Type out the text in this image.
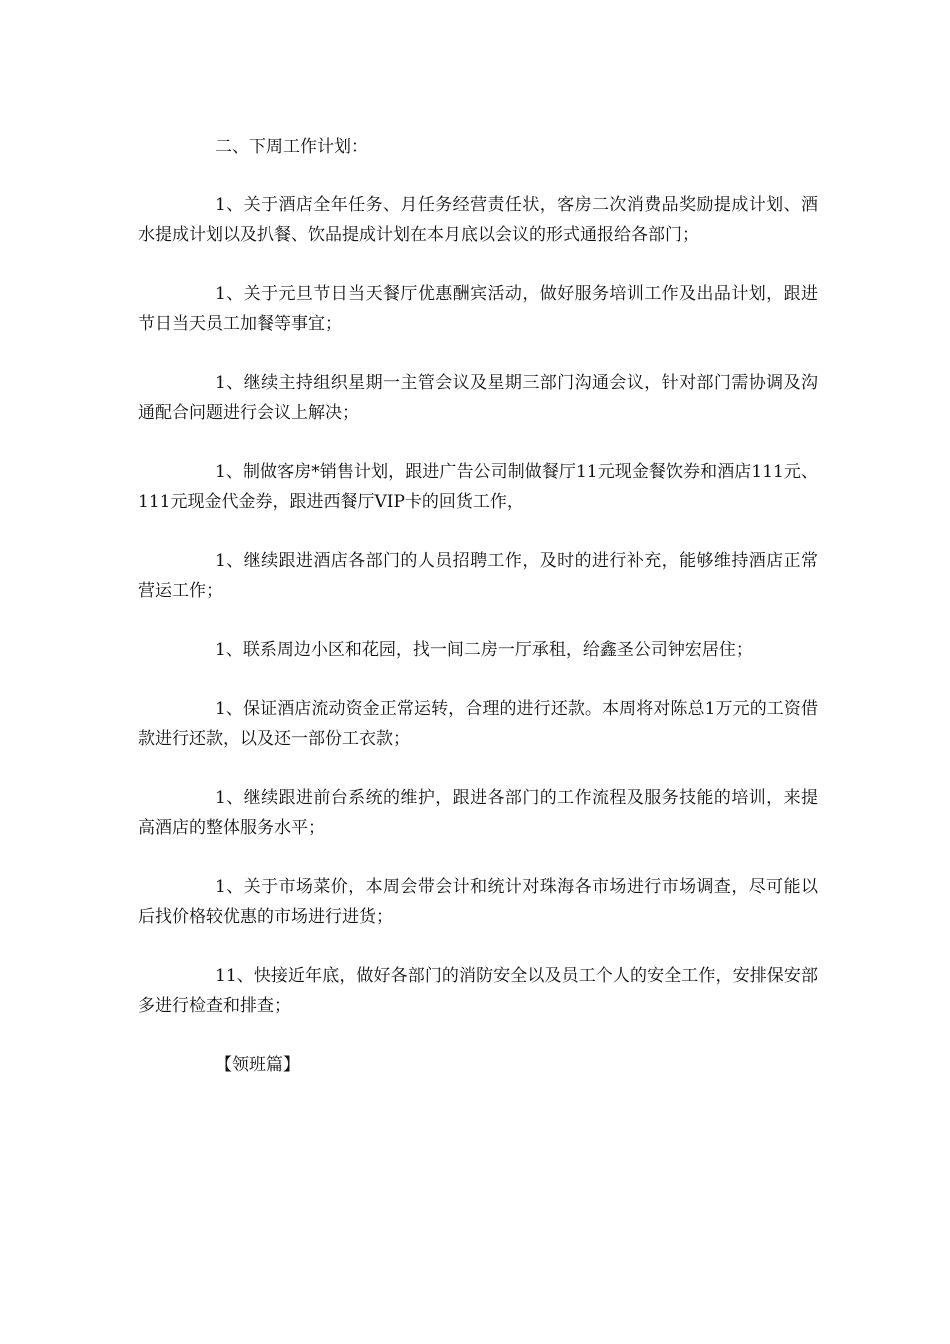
二、下周工作计划：

1、关于酒店全年任务、月任务经营责任状，客房二次消费品奖励提成计划、酒水提成计划以及扒餐、饮品提成计划在本月底以会议的形式通报给各部门；

1、关于元旦节日当天餐厅优惠酬宾活动，做好服务培训工作及出品计划，跟进节日当天员工加餐等事宜；

1、继续主持组织星期一主管会议及星期三部门沟通会议，针对部门需协调及沟通配合问题进行会议上解决；

1、制做客房*销售计划，跟进广告公司制做餐厅11元现金餐饮券和酒店111元、111元现金代金券，跟进西餐厅VIP卡的回货工作，

1、继续跟进酒店各部门的人员招聘工作，及时的进行补充，能够维持酒店正常营运工作；

1、联系周边小区和花园，找一间二房一厅承租，给鑫圣公司钟宏居住；

1、保证酒店流动资金正常运转，合理的进行还款。本周将对陈总1万元的工资借款进行还款，以及还一部份工衣款；

1、继续跟进前台系统的维护，跟进各部门的工作流程及服务技能的培训，来提高酒店的整体服务水平；

1、关于市场菜价，本周会带会计和统计对珠海各市场进行市场调查，尽可能以后找价格较优惠的市场进行进货；

11、快接近年底，做好各部门的消防安全以及员工个人的安全工作，安排保安部多进行检查和排查；

【领班篇】
